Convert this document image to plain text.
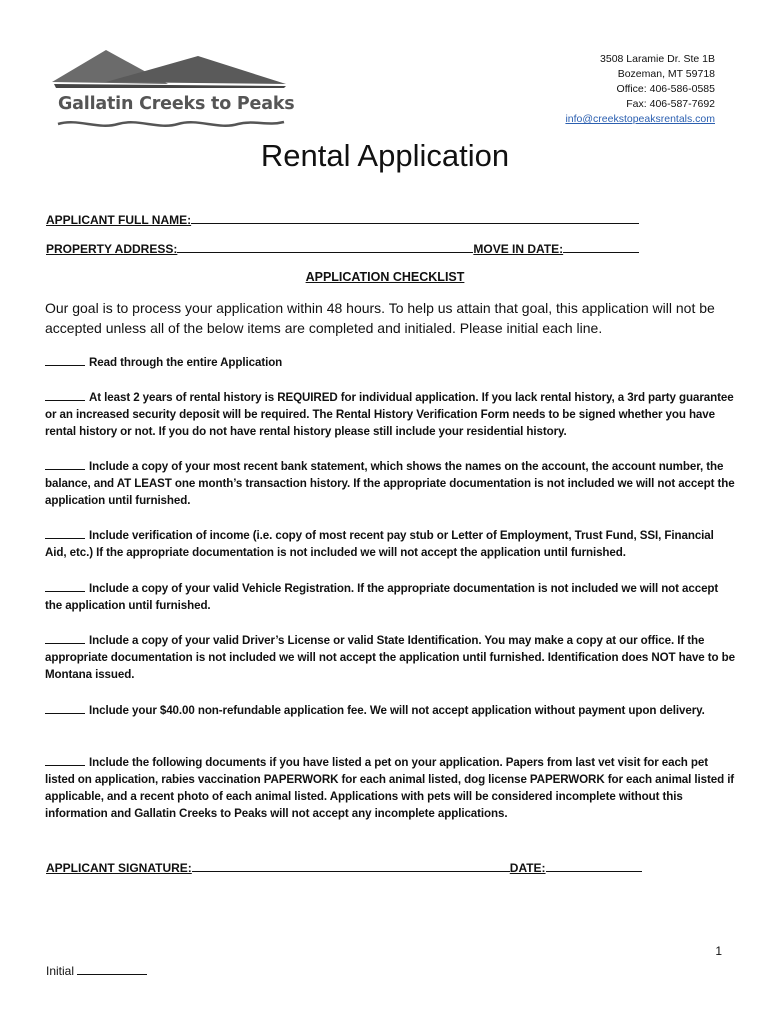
Gallatin Creeks to Peaks
3508 Laramie Dr. Ste 1B
Bozeman, MT 59718
Office: 406-586-0585
Fax: 406-587-7692
info@creekstopeaksrentals.com
Rental Application
APPLICANT FULL NAME:
PROPERTY ADDRESS:	MOVE IN DATE:
APPLICATION CHECKLIST

Our goal is to process your application within 48 hours. To help us attain that goal, this application will not be accepted unless all of the below items are completed and initialed. Please initial each line.

Read through the entire Application

At least 2 years of rental history is REQUIRED for individual application. If you lack rental history, a 3rd party guarantee or an increased security deposit will be required. The Rental History Verification Form needs to be signed whether you have rental history or not. If you do not have rental history please still include your residential history.

Include a copy of your most recent bank statement, which shows the names on the account, the account number, the balance, and AT LEAST one month’s transaction history. If the appropriate documentation is not included we will not accept the application until furnished.

Include verification of income (i.e. copy of most recent pay stub or Letter of Employment, Trust Fund, SSI, Financial Aid, etc.) If the appropriate documentation is not included we will not accept the application until furnished.

Include a copy of your valid Vehicle Registration. If the appropriate documentation is not included we will not accept the application until furnished.

Include a copy of your valid Driver’s License or valid State Identification. You may make a copy at our office. If the appropriate documentation is not included we will not accept the application until furnished. Identification does NOT have to be Montana issued.

Include your $40.00 non-refundable application fee. We will not accept application without payment upon delivery.

Include the following documents if you have listed a pet on your application. Papers from last vet visit for each pet listed on application, rabies vaccination PAPERWORK for each animal listed, dog license PAPERWORK for each animal listed if applicable, and a recent photo of each animal listed. Applications with pets will be considered incomplete without this information and Gallatin Creeks to Peaks will not accept any incomplete applications.

APPLICANT SIGNATURE:	DATE:
1
Initial
